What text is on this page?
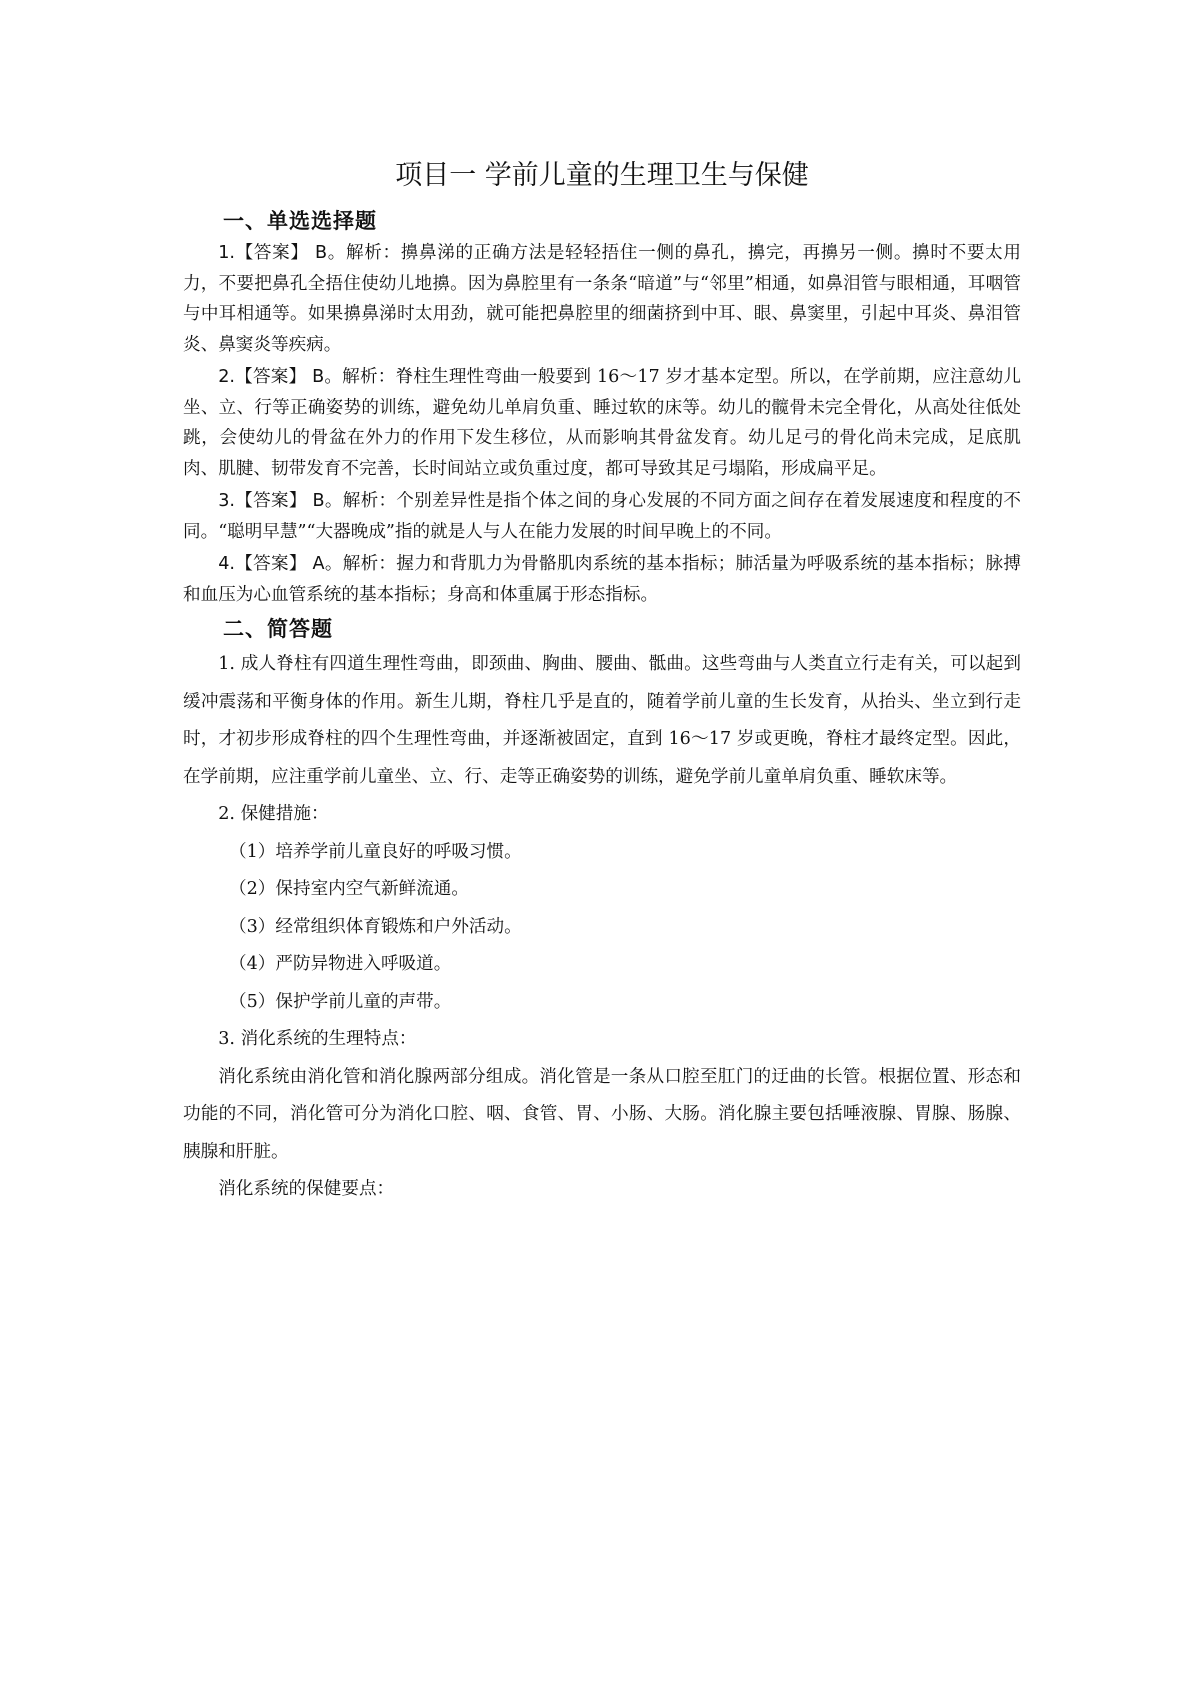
项目一 学前儿童的生理卫生与保健
一、单选选择题

1.【答案】 B。解析：擤鼻涕的正确方法是轻轻捂住一侧的鼻孔，擤完，再擤另一侧。擤时不要太用力，不要把鼻孔全捂住使幼儿地擤。因为鼻腔里有一条条“暗道”与“邻里”相通，如鼻泪管与眼相通，耳咽管与中耳相通等。如果擤鼻涕时太用劲，就可能把鼻腔里的细菌挤到中耳、眼、鼻窦里，引起中耳炎、鼻泪管炎、鼻窦炎等疾病。

2.【答案】 B。解析：脊柱生理性弯曲一般要到 16～17 岁才基本定型。所以，在学前期，应注意幼儿坐、立、行等正确姿势的训练，避免幼儿单肩负重、睡过软的床等。幼儿的髋骨未完全骨化，从高处往低处跳，会使幼儿的骨盆在外力的作用下发生移位，从而影响其骨盆发育。幼儿足弓的骨化尚未完成，足底肌肉、肌腱、韧带发育不完善，长时间站立或负重过度，都可导致其足弓塌陷，形成扁平足。

3.【答案】 B。解析：个别差异性是指个体之间的身心发展的不同方面之间存在着发展速度和程度的不同。“聪明早慧”“大器晚成”指的就是人与人在能力发展的时间早晚上的不同。

4.【答案】 A。解析：握力和背肌力为骨骼肌肉系统的基本指标；肺活量为呼吸系统的基本指标；脉搏和血压为心血管系统的基本指标；身高和体重属于形态指标。

二、简答题

1. 成人脊柱有四道生理性弯曲，即颈曲、胸曲、腰曲、骶曲。这些弯曲与人类直立行走有关，可以起到缓冲震荡和平衡身体的作用。新生儿期，脊柱几乎是直的，随着学前儿童的生长发育，从抬头、坐立到行走时，才初步形成脊柱的四个生理性弯曲，并逐渐被固定，直到 16～17 岁或更晚，脊柱才最终定型。因此，在学前期，应注重学前儿童坐、立、行、走等正确姿势的训练，避免学前儿童单肩负重、睡软床等。

2. 保健措施：

（1）培养学前儿童良好的呼吸习惯。

（2）保持室内空气新鲜流通。

（3）经常组织体育锻炼和户外活动。

（4）严防异物进入呼吸道。

（5）保护学前儿童的声带。

3. 消化系统的生理特点：

消化系统由消化管和消化腺两部分组成。消化管是一条从口腔至肛门的迂曲的长管。根据位置、形态和功能的不同，消化管可分为消化口腔、咽、食管、胃、小肠、大肠。消化腺主要包括唾液腺、胃腺、肠腺、胰腺和肝脏。

消化系统的保健要点：
